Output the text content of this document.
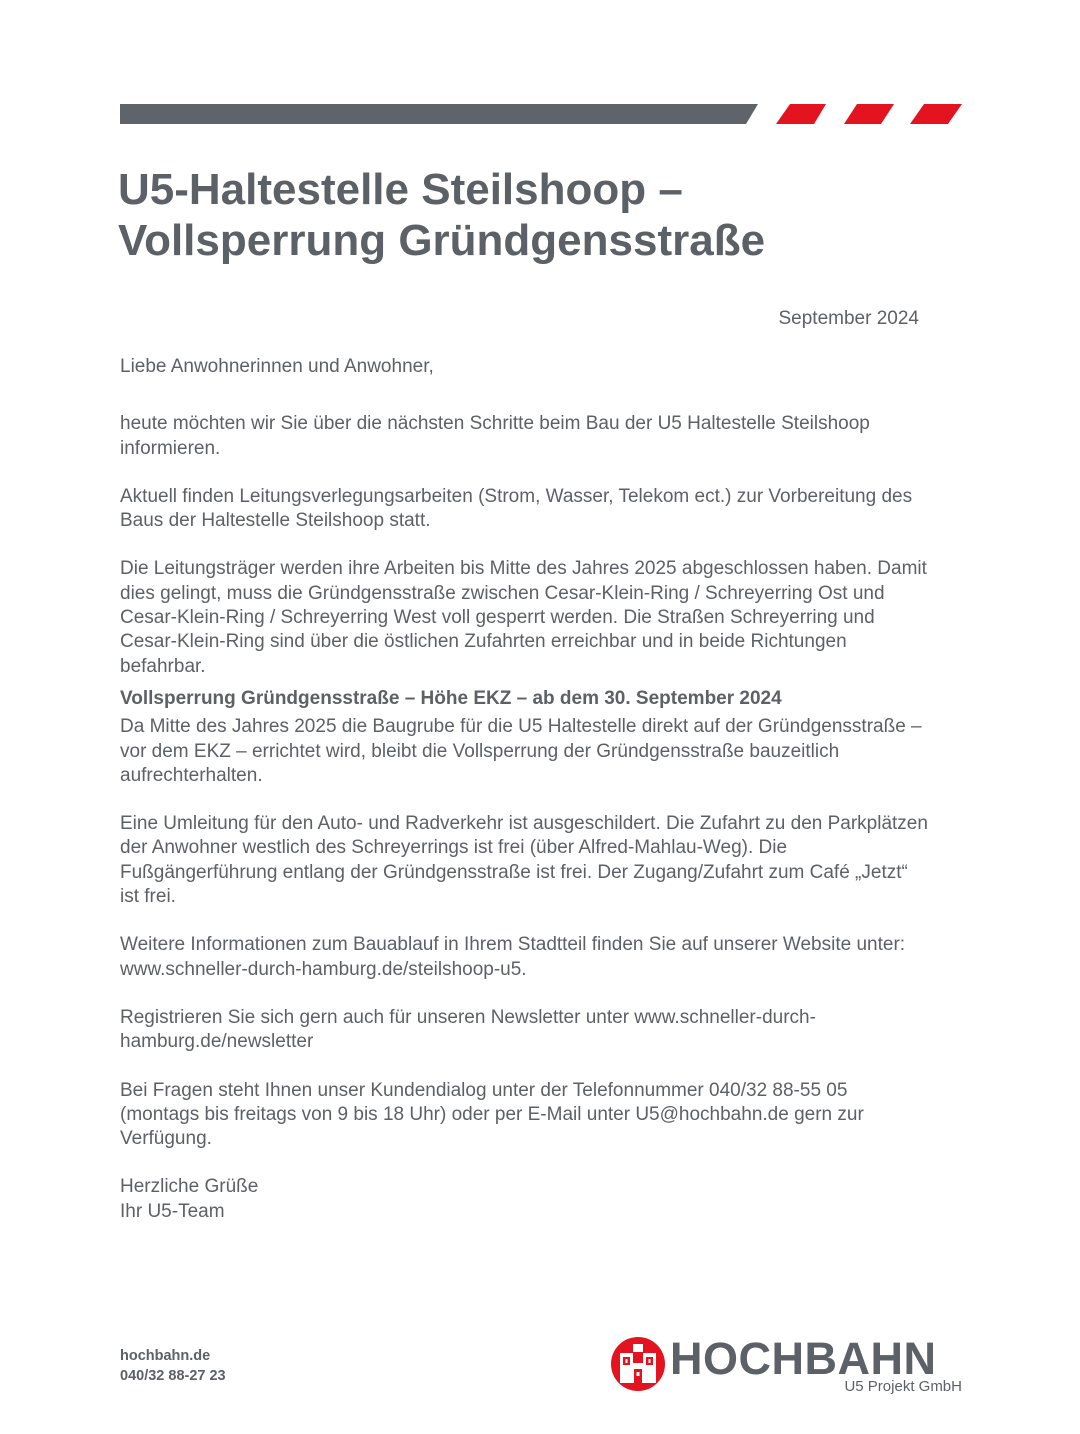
U5-Haltestelle Steilshoop –
Vollsperrung Gründgensstraße
September 2024

Liebe Anwohnerinnen und Anwohner,

heute möchten wir Sie über die nächsten Schritte beim Bau der U5 Haltestelle Steilshoop informieren.

Aktuell finden Leitungsverlegungsarbeiten (Strom, Wasser, Telekom ect.) zur Vorbereitung des Baus der Haltestelle Steilshoop statt.

Die Leitungsträger werden ihre Arbeiten bis Mitte des Jahres 2025 abgeschlossen haben. Damit dies gelingt, muss die Gründgensstraße zwischen Cesar-Klein-Ring / Schreyerring Ost und Cesar-Klein-Ring / Schreyerring West voll gesperrt werden. Die Straßen Schreyerring und Cesar-Klein-Ring sind über die östlichen Zufahrten erreichbar und in beide Richtungen befahrbar.

Vollsperrung Gründgensstraße – Höhe EKZ – ab dem 30. September 2024

Da Mitte des Jahres 2025 die Baugrube für die U5 Haltestelle direkt auf der Gründgensstraße – vor dem EKZ – errichtet wird, bleibt die Vollsperrung der Gründgensstraße bauzeitlich aufrechterhalten.

Eine Umleitung für den Auto- und Radverkehr ist ausgeschildert. Die Zufahrt zu den Parkplätzen der Anwohner westlich des Schreyerrings ist frei (über Alfred-Mahlau-Weg). Die Fußgängerführung entlang der Gründgensstraße ist frei. Der Zugang/Zufahrt zum Café „Jetzt“ ist frei.

Weitere Informationen zum Bauablauf in Ihrem Stadtteil finden Sie auf unserer Website unter: www.schneller-durch-hamburg.de/steilshoop-u5.

Registrieren Sie sich gern auch für unseren Newsletter unter www.schneller-durch-hamburg.de/newsletter

Bei Fragen steht Ihnen unser Kundendialog unter der Telefonnummer 040/32 88-55 05 (montags bis freitags von 9 bis 18 Uhr) oder per E-Mail unter U5@hochbahn.de gern zur Verfügung.

Herzliche Grüße

Ihr U5-Team

hochbahn.de
040/32 88-27 23	HOCHBAHN
U5 Projekt GmbH
